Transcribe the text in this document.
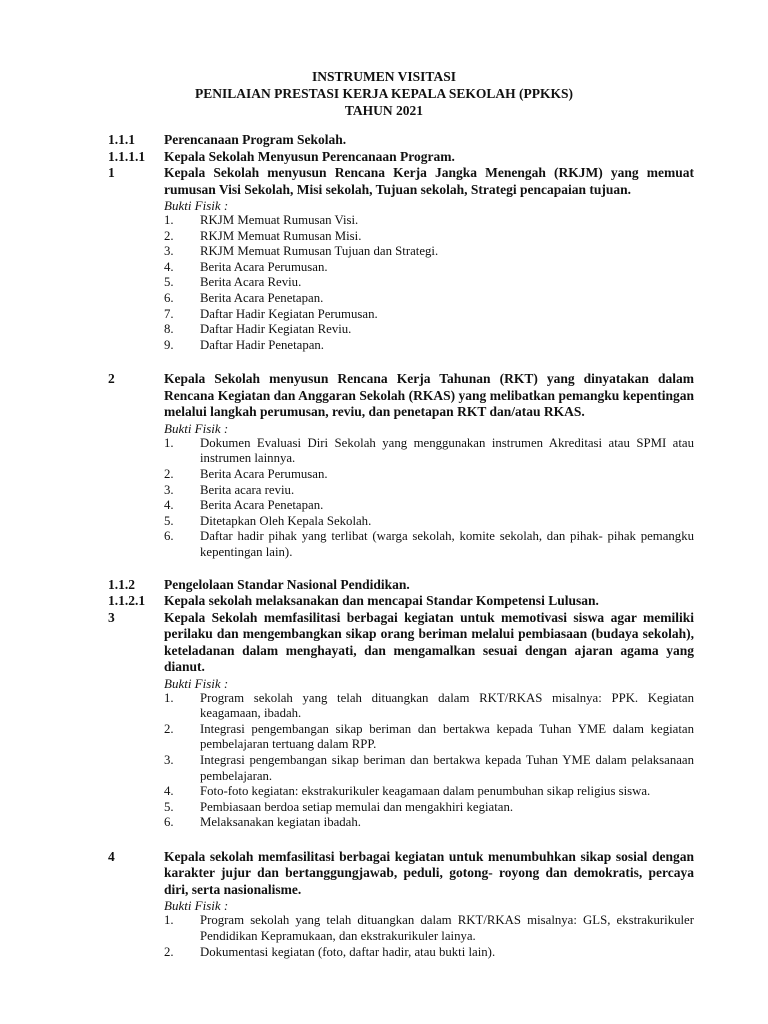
INSTRUMEN VISITASI
PENILAIAN PRESTASI KERJA KEPALA SEKOLAH (PPKKS)
TAHUN 2021
1.1.1	Perencanaan Program Sekolah.
1.1.1.1	Kepala Sekolah Menyusun Perencanaan Program.
1	Kepala Sekolah menyusun Rencana Kerja Jangka Menengah (RKJM) yang memuat rumusan Visi Sekolah, Misi sekolah, Tujuan sekolah, Strategi pencapaian tujuan.
Bukti Fisik :
1.	RKJM Memuat Rumusan Visi.
2.	RKJM Memuat Rumusan Misi.
3.	RKJM Memuat Rumusan Tujuan dan Strategi.
4.	Berita Acara Perumusan.
5.	Berita Acara Reviu.
6.	Berita Acara Penetapan.
7.	Daftar Hadir Kegiatan Perumusan.
8.	Daftar Hadir Kegiatan Reviu.
9.	Daftar Hadir Penetapan.
2	Kepala Sekolah menyusun Rencana Kerja Tahunan (RKT) yang dinyatakan dalam Rencana Kegiatan dan Anggaran Sekolah (RKAS) yang melibatkan pemangku kepentingan melalui langkah perumusan, reviu, dan penetapan RKT dan/atau RKAS.
Bukti Fisik :
1.	Dokumen Evaluasi Diri Sekolah yang menggunakan instrumen Akreditasi atau SPMI atau instrumen lainnya.
2.	Berita Acara Perumusan.
3.	Berita acara reviu.
4.	Berita Acara Penetapan.
5.	Ditetapkan Oleh Kepala Sekolah.
6.	Daftar hadir pihak yang terlibat (warga sekolah, komite sekolah, dan pihak- pihak pemangku kepentingan lain).
1.1.2	Pengelolaan Standar Nasional Pendidikan.
1.1.2.1	Kepala sekolah melaksanakan dan mencapai Standar Kompetensi Lulusan.
3	Kepala Sekolah memfasilitasi berbagai kegiatan untuk memotivasi siswa agar memiliki perilaku dan mengembangkan sikap orang beriman melalui pembiasaan (budaya sekolah), keteladanan dalam menghayati, dan mengamalkan sesuai dengan ajaran agama yang dianut.
Bukti Fisik :
1.	Program sekolah yang telah dituangkan dalam RKT/RKAS misalnya: PPK. Kegiatan keagamaan, ibadah.
2.	Integrasi pengembangan sikap beriman dan bertakwa kepada Tuhan YME dalam kegiatan pembelajaran tertuang dalam RPP.
3.	Integrasi pengembangan sikap beriman dan bertakwa kepada Tuhan YME dalam pelaksanaan pembelajaran.
4.	Foto-foto kegiatan: ekstrakurikuler keagamaan dalam penumbuhan sikap religius siswa.
5.	Pembiasaan berdoa setiap memulai dan mengakhiri kegiatan.
6.	Melaksanakan kegiatan ibadah.
4	Kepala sekolah memfasilitasi berbagai kegiatan untuk menumbuhkan sikap sosial dengan karakter jujur dan bertanggungjawab, peduli, gotong- royong dan demokratis, percaya diri, serta nasionalisme.
Bukti Fisik :
1.	Program sekolah yang telah dituangkan dalam RKT/RKAS misalnya: GLS, ekstrakurikuler Pendidikan Kepramukaan, dan ekstrakurikuler lainya.
2.	Dokumentasi kegiatan (foto, daftar hadir, atau bukti lain).
